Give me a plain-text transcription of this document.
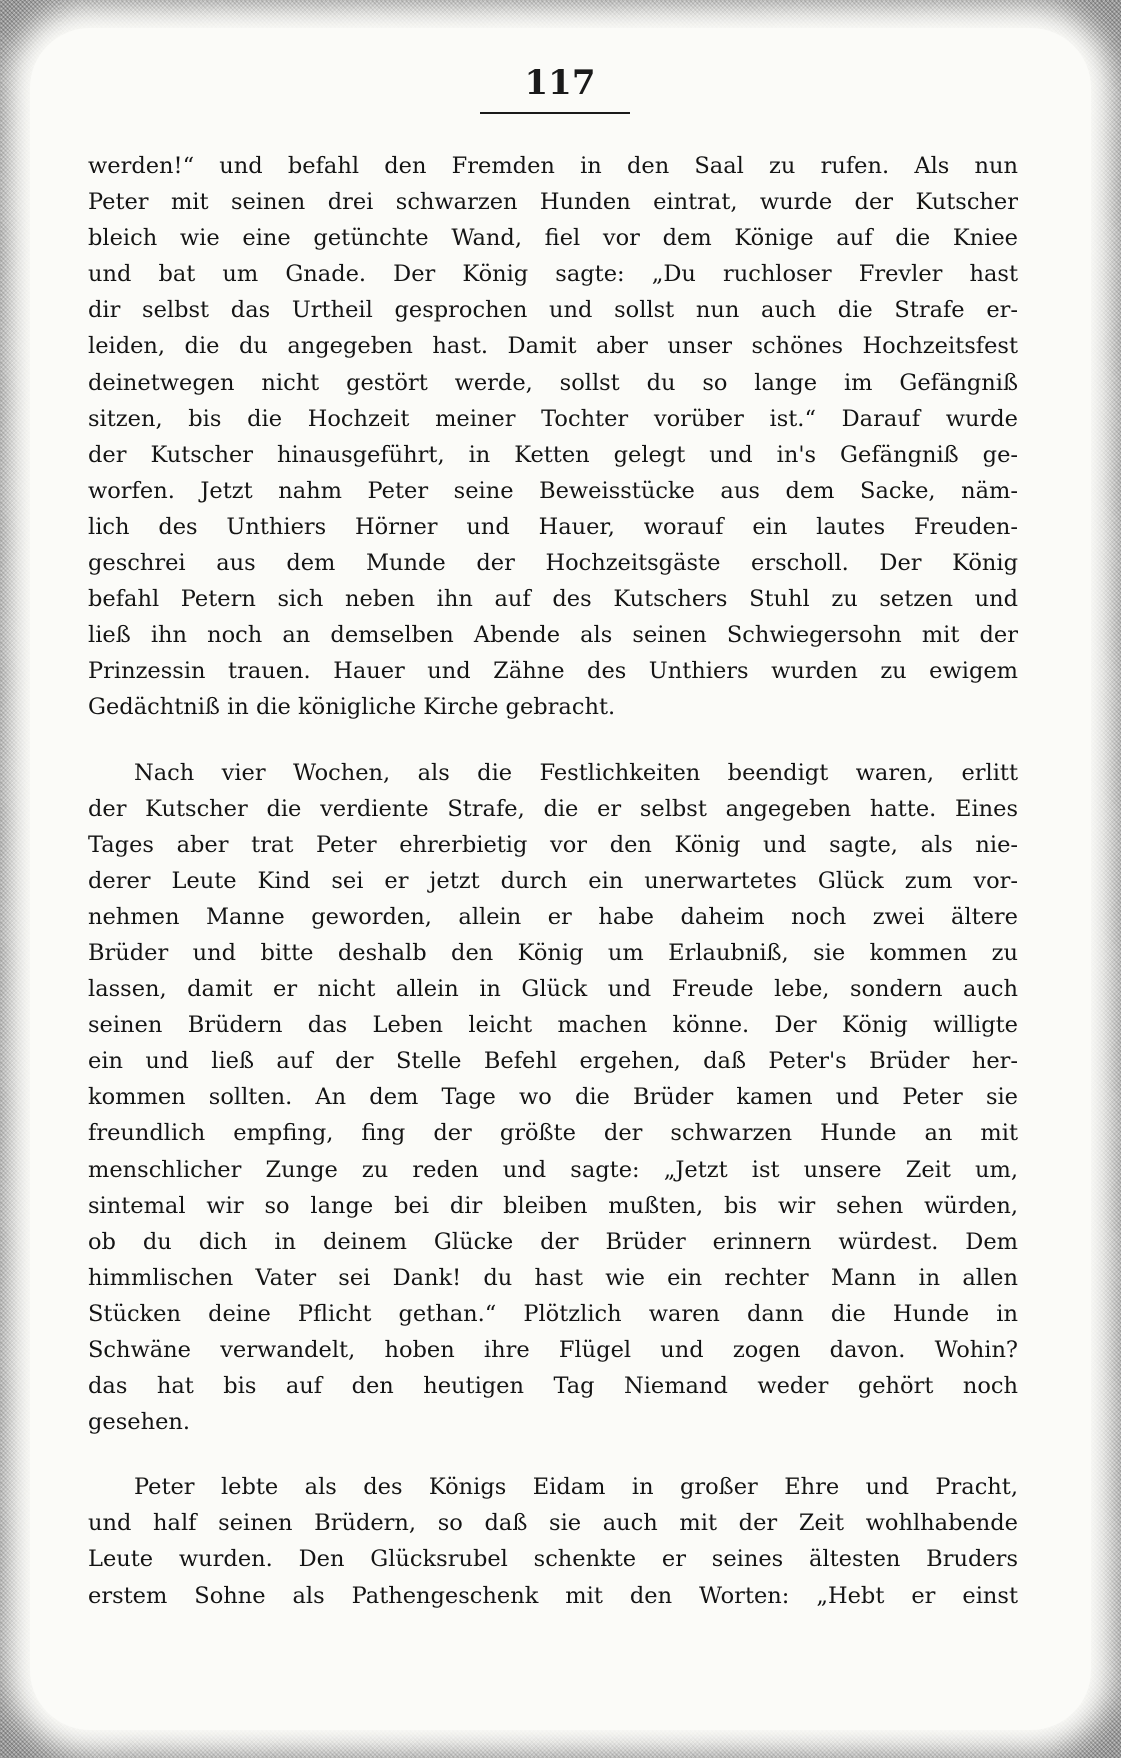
117
werden!“ und befahl den Fremden in den Saal zu rufen. Als nun
Peter mit seinen drei schwarzen Hunden eintrat, wurde der Kutscher
bleich wie eine getünchte Wand, fiel vor dem Könige auf die Kniee
und bat um Gnade. Der König sagte: „Du ruchloser Frevler hast
dir selbst das Urtheil gesprochen und sollst nun auch die Strafe er-
leiden, die du angegeben hast. Damit aber unser schönes Hochzeitsfest
deinetwegen nicht gestört werde, sollst du so lange im Gefängniß
sitzen, bis die Hochzeit meiner Tochter vorüber ist.“ Darauf wurde
der Kutscher hinausgeführt, in Ketten gelegt und in's Gefängniß ge-
worfen. Jetzt nahm Peter seine Beweisstücke aus dem Sacke, näm-
lich des Unthiers Hörner und Hauer, worauf ein lautes Freuden-
geschrei aus dem Munde der Hochzeitsgäste erscholl. Der König
befahl Petern sich neben ihn auf des Kutschers Stuhl zu setzen und
ließ ihn noch an demselben Abende als seinen Schwiegersohn mit der
Prinzessin trauen. Hauer und Zähne des Unthiers wurden zu ewigem
Gedächtniß in die königliche Kirche gebracht.
Nach vier Wochen, als die Festlichkeiten beendigt waren, erlitt
der Kutscher die verdiente Strafe, die er selbst angegeben hatte. Eines
Tages aber trat Peter ehrerbietig vor den König und sagte, als nie-
derer Leute Kind sei er jetzt durch ein unerwartetes Glück zum vor-
nehmen Manne geworden, allein er habe daheim noch zwei ältere
Brüder und bitte deshalb den König um Erlaubniß, sie kommen zu
lassen, damit er nicht allein in Glück und Freude lebe, sondern auch
seinen Brüdern das Leben leicht machen könne. Der König willigte
ein und ließ auf der Stelle Befehl ergehen, daß Peter's Brüder her-
kommen sollten. An dem Tage wo die Brüder kamen und Peter sie
freundlich empfing, fing der größte der schwarzen Hunde an mit
menschlicher Zunge zu reden und sagte: „Jetzt ist unsere Zeit um,
sintemal wir so lange bei dir bleiben mußten, bis wir sehen würden,
ob du dich in deinem Glücke der Brüder erinnern würdest. Dem
himmlischen Vater sei Dank! du hast wie ein rechter Mann in allen
Stücken deine Pflicht gethan.“ Plötzlich waren dann die Hunde in
Schwäne verwandelt, hoben ihre Flügel und zogen davon. Wohin?
das hat bis auf den heutigen Tag Niemand weder gehört noch
gesehen.
Peter lebte als des Königs Eidam in großer Ehre und Pracht,
und half seinen Brüdern, so daß sie auch mit der Zeit wohlhabende
Leute wurden. Den Glücksrubel schenkte er seines ältesten Bruders
erstem Sohne als Pathengeschenk mit den Worten: „Hebt er einst
